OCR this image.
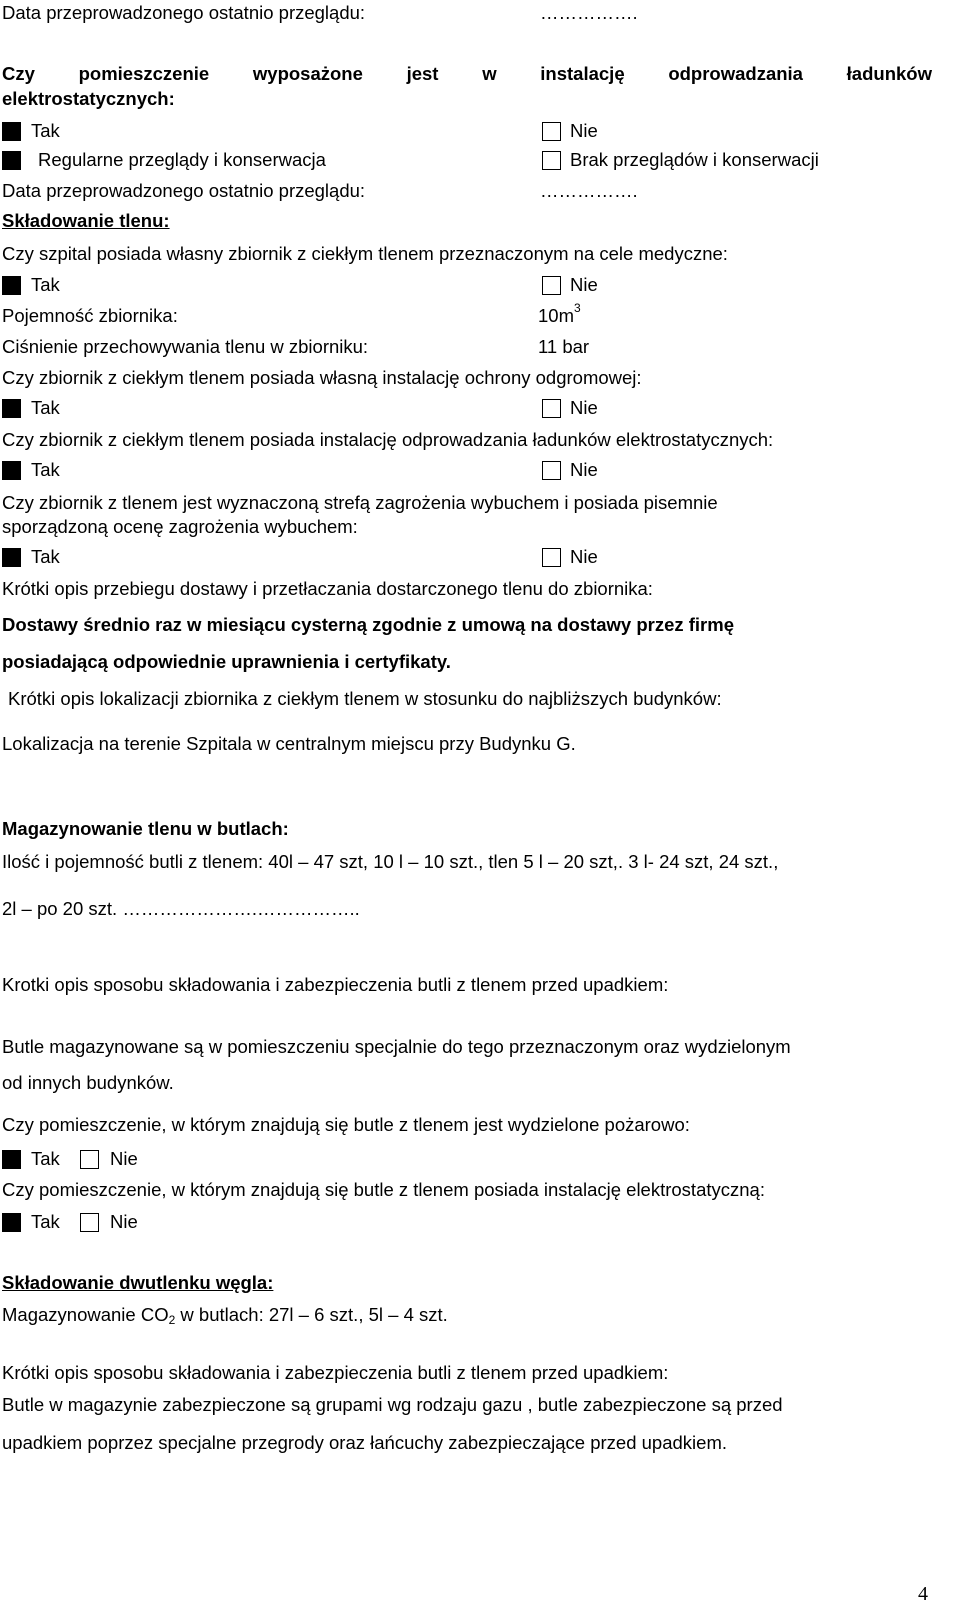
Data przeprowadzonego ostatnio przeglądu:	…………….
Czy pomieszczenie wyposażone jest w instalację odprowadzania ładunków
elektrostatycznych:
Tak	Nie
Regularne przeglądy i konserwacja	Brak przeglądów i konserwacji
Data przeprowadzonego ostatnio przeglądu:	…………….
Składowanie tlenu:
Czy szpital posiada własny zbiornik z ciekłym tlenem przeznaczonym na cele medyczne:
Tak	Nie
Pojemność zbiornika:	$10m^3$
Ciśnienie przechowywania tlenu w zbiorniku:	11 bar
Czy zbiornik z ciekłym tlenem posiada własną instalację ochrony odgromowej:
Tak	Nie
Czy zbiornik z ciekłym tlenem posiada instalację odprowadzania ładunków elektrostatycznych:
Tak	Nie
Czy zbiornik z tlenem jest wyznaczoną strefą zagrożenia wybuchem i posiada pisemnie
sporządzoną ocenę zagrożenia wybuchem:
Tak	Nie
Krótki opis przebiegu dostawy i przetłaczania dostarczonego tlenu do zbiornika:
Dostawy średnio raz w miesiącu cysterną zgodnie z umową na dostawy przez firmę
posiadającą odpowiednie uprawnienia i certyfikaty.
Krótki opis lokalizacji zbiornika z ciekłym tlenem w stosunku do najbliższych budynków:
Lokalizacja na terenie Szpitala w centralnym miejscu przy Budynku G.
Magazynowanie tlenu w butlach:
Ilość i pojemność butli z tlenem: 40l – 47 szt, 10 l – 10 szt., tlen 5 l – 20 szt,. 3 l- 24 szt, 24 szt.,
2l – po 20 szt. ………………….……………..
Krotki opis sposobu składowania i zabezpieczenia butli z tlenem przed upadkiem:
Butle magazynowane są w pomieszczeniu specjalnie do tego przeznaczonym oraz wydzielonym
od innych budynków.
Czy pomieszczenie, w którym znajdują się butle z tlenem jest wydzielone pożarowo:
Tak	Nie
Czy pomieszczenie, w którym znajdują się butle z tlenem posiada instalację elektrostatyczną:
Tak	Nie
Składowanie dwutlenku węgla:
Magazynowanie $CO_2$ w butlach: 27l – 6 szt., 5l – 4 szt.
Krótki opis sposobu składowania i zabezpieczenia butli z tlenem przed upadkiem:
Butle w magazynie zabezpieczone są grupami wg rodzaju gazu , butle zabezpieczone są przed
upadkiem poprzez specjalne przegrody oraz łańcuchy zabezpieczające przed upadkiem.
4
